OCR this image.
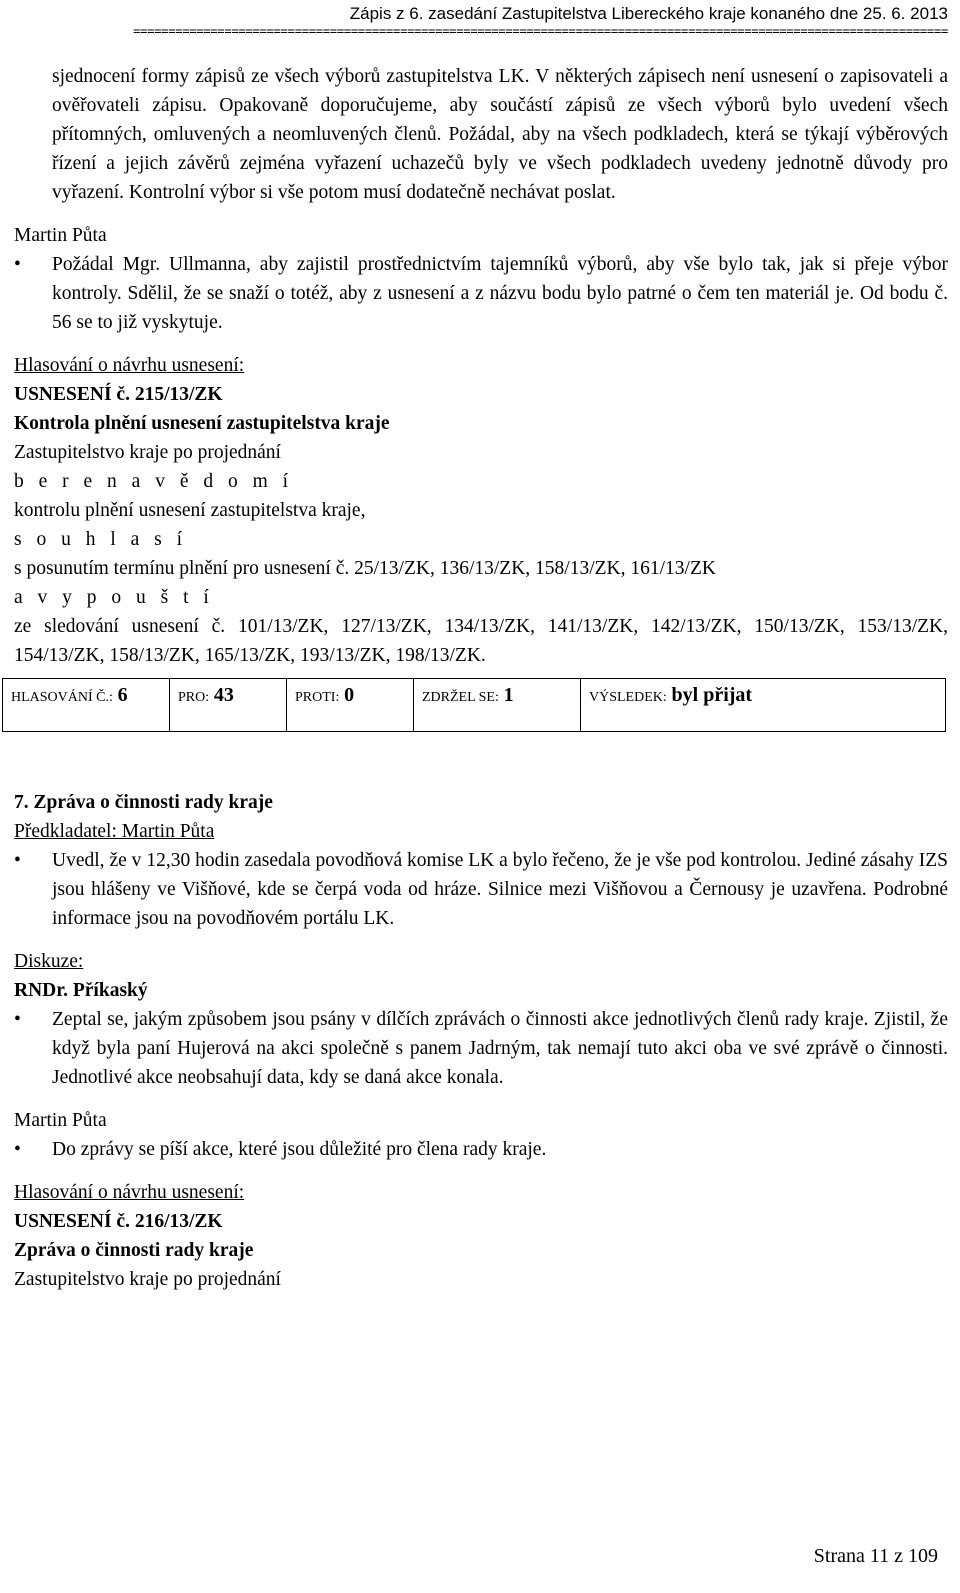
Zápis z 6. zasedání Zastupitelstva Libereckého kraje konaného dne 25. 6. 2013
====================================================================================================================
sjednocení formy zápisů ze všech výborů zastupitelstva LK. V některých zápisech není usnesení o zapisovateli a ověřovateli zápisu. Opakovaně doporučujeme, aby součástí zápisů ze všech výborů bylo uvedení všech přítomných, omluvených a neomluvených členů. Požádal, aby na všech podkladech, která se týkají výběrových řízení a jejich závěrů zejména vyřazení uchazečů byly ve všech podkladech uvedeny jednotně důvody pro vyřazení. Kontrolní výbor si vše potom musí dodatečně nechávat poslat.
Martin Půta
• Požádal Mgr. Ullmanna, aby zajistil prostřednictvím tajemníků výborů, aby vše bylo tak, jak si přeje výbor kontroly. Sdělil, že se snaží o totéž, aby z usnesení a z názvu bodu bylo patrné o čem ten materiál je. Od bodu č. 56 se to již vyskytuje.
Hlasování o návrhu usnesení:
USNESENÍ č. 215/13/ZK
Kontrola plnění usnesení zastupitelstva kraje
Zastupitelstvo kraje po projednání
b e r e n a v ě d o m í
kontrolu plnění usnesení zastupitelstva kraje,
s o u h l a s í
s posunutím termínu plnění pro usnesení č. 25/13/ZK, 136/13/ZK, 158/13/ZK, 161/13/ZK
a v y p o u š t í
ze sledování usnesení č. 101/13/ZK, 127/13/ZK, 134/13/ZK, 141/13/ZK, 142/13/ZK, 150/13/ZK, 153/13/ZK, 154/13/ZK, 158/13/ZK, 165/13/ZK, 193/13/ZK, 198/13/ZK.
HLASOVÁNÍ Č.: 6	PRO: 43	PROTI: 0	ZDRŽEL SE: 1	VÝSLEDEK: byl přijat
7. Zpráva o činnosti rady kraje
Předkladatel: Martin Půta
• Uvedl, že v 12,30 hodin zasedala povodňová komise LK a bylo řečeno, že je vše pod kontrolou. Jediné zásahy IZS jsou hlášeny ve Višňové, kde se čerpá voda od hráze. Silnice mezi Višňovou a Černousy je uzavřena. Podrobné informace jsou na povodňovém portálu LK.
Diskuze:
RNDr. Příkaský
• Zeptal se, jakým způsobem jsou psány v dílčích zprávách o činnosti akce jednotlivých členů rady kraje. Zjistil, že když byla paní Hujerová na akci společně s panem Jadrným, tak nemají tuto akci oba ve své zprávě o činnosti. Jednotlivé akce neobsahují data, kdy se daná akce konala.
Martin Půta
• Do zprávy se píší akce, které jsou důležité pro člena rady kraje.
Hlasování o návrhu usnesení:
USNESENÍ č. 216/13/ZK
Zpráva o činnosti rady kraje
Zastupitelstvo kraje po projednání
Strana 11 z 109
